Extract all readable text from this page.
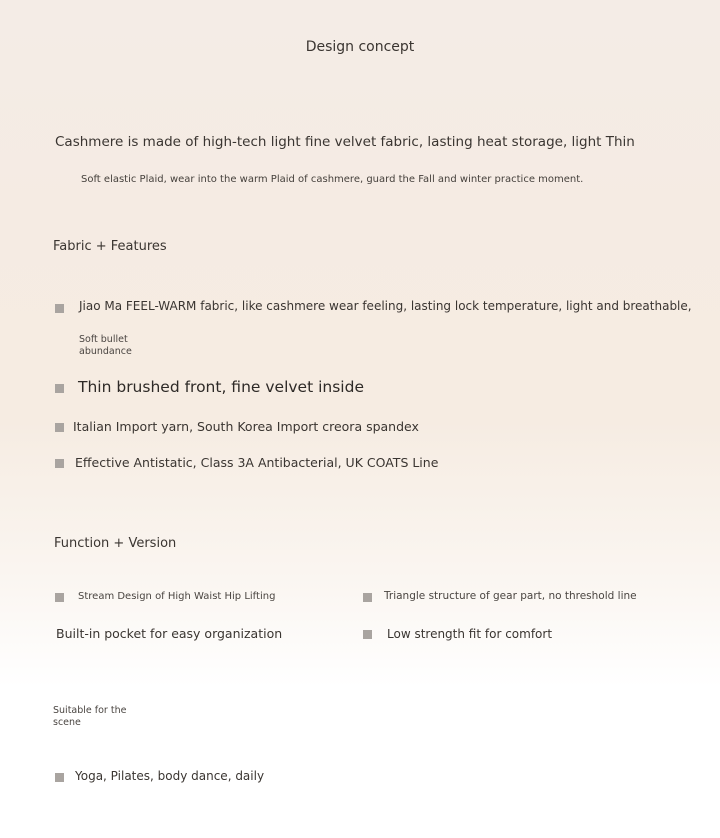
Design concept
Cashmere is made of high-tech light fine velvet fabric, lasting heat storage, light Thin
Soft elastic Plaid, wear into the warm Plaid of cashmere, guard the Fall and winter practice moment.
Fabric + Features
Jiao Ma FEEL-WARM fabric, like cashmere wear feeling, lasting lock temperature, light and breathable,
Soft bullet
abundance
Thin brushed front, fine velvet inside
Italian Import yarn, South Korea Import creora spandex
Effective Antistatic, Class 3A Antibacterial, UK COATS Line
Function + Version
Stream Design of High Waist Hip Lifting	Triangle structure of gear part, no threshold line
Built-in pocket for easy organization	Low strength fit for comfort
Suitable for the
scene
Yoga, Pilates, body dance, daily
